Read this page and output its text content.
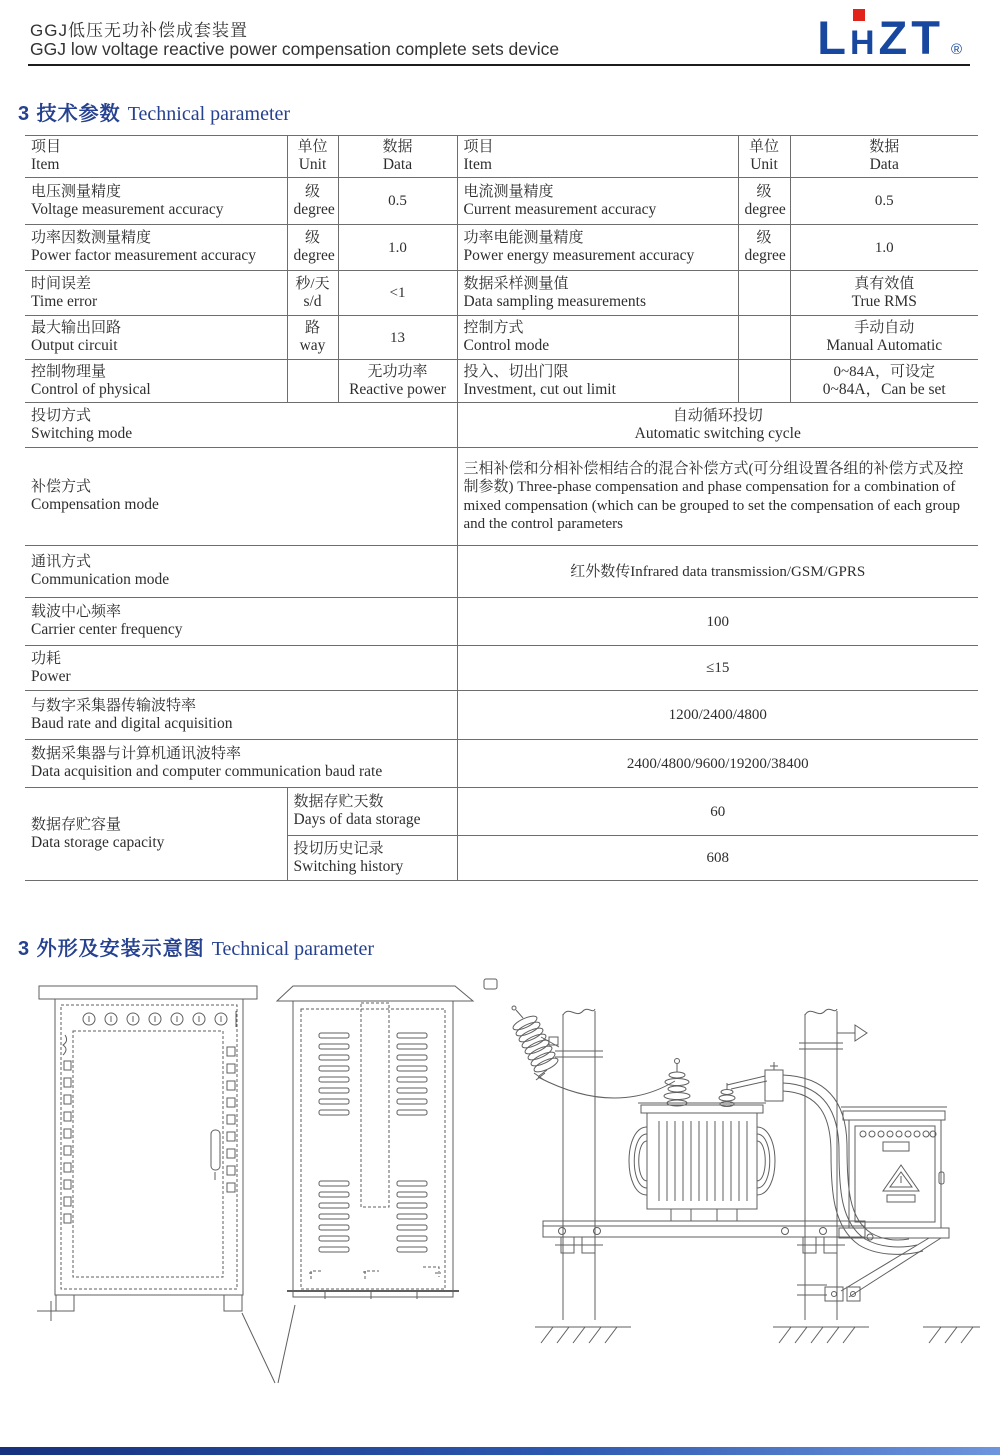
GGJ低压无功补偿成套装置
GGJ low voltage reactive power compensation complete sets device	L
HZT ®
3 技术参数 Technical parameter
项目
Item	单位
Unit	数据
Data	项目
Item	单位
Unit	数据
Data

电压测量精度
Voltage measurement accuracy	级
degree	0.5	电流测量精度
Current measurement accuracy	级
degree	0.5

功率因数测量精度
Power factor measurement accuracy	级
degree	1.0	功率电能测量精度
Power energy measurement accuracy	级
degree	1.0

时间误差
Time error	秒/天
s/d	<1	数据采样测量值
Data sampling measurements		真有效值
True RMS

最大输出回路
Output circuit	路
way	13	控制方式
Control mode		手动自动
Manual Automatic

控制物理量
Control of physical		无功功率
Reactive power	投入、切出门限
Investment, cut out limit		0~84A，可设定
0~84A，Can be set

投切方式
Switching mode			自动循环投切
Automatic switching cycle		

补偿方式
Compensation mode			三相补偿和分相补偿相结合的混合补偿方式(可分组设置各组的补偿方式及控制参数) Three-phase compensation and phase compensation for a combination of mixed compensation (which can be grouped to set the compensation of each group and the control parameters		

通讯方式
Communication mode			红外数传Infrared data transmission/GSM/GPRS		

载波中心频率
Carrier center frequency			100		

功耗
Power			≤15		

与数字采集器传输波特率
Baud rate and digital acquisition			1200/2400/4800		

数据采集器与计算机通讯波特率
Data acquisition and computer communication baud rate			2400/4800/9600/19200/38400		

数据存贮容量
Data storage capacity	数据存贮天数
Days of data storage		60		

	投切历史记录
Switching history		608		
3 外形及安装示意图 Technical parameter
